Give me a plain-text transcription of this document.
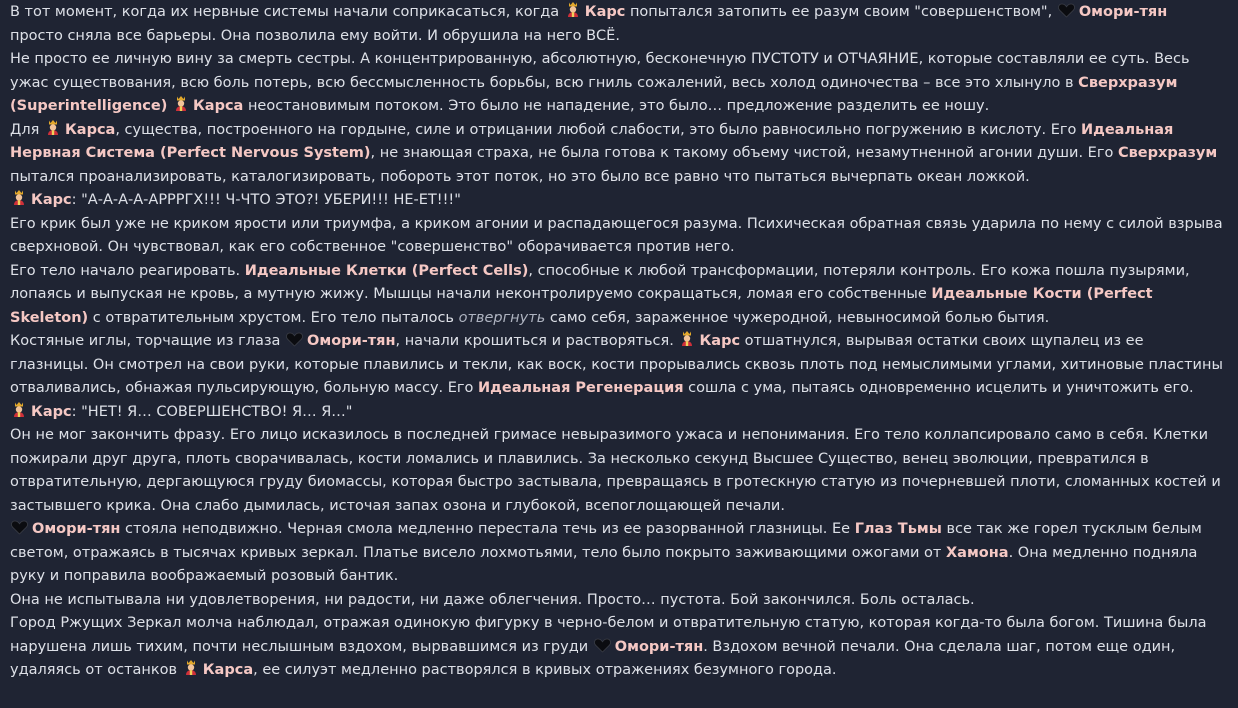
В тот момент, когда их нервные системы начали соприкасаться, когда
Карс попытался затопить ее разум своим "совершенством",
Омори-тян просто сняла все барьеры. Она позволила ему войти. И обрушила на него ВСЁ.
Не просто ее личную вину за смерть сестры. А концентрированную, абсолютную, бесконечную ПУСТОТУ и ОТЧАЯНИЕ, которые составляли ее суть. Весь ужас существования, всю боль потерь, всю бессмысленность борьбы, всю гниль сожалений, весь холод одиночества – все это хлынуло в Сверхразум (Superintelligence) Карса неостановимым потоком. Это было не нападение, это было… предложение разделить ее ношу.
Для
Карса, существа, построенного на гордыне, силе и отрицании любой слабости, это было равносильно погружению в кислоту. Его Идеальная Нервная Система (Perfect Nervous System), не знающая страха, не была готова к такому объему чистой, незамутненной агонии души. Его Сверхразум пытался проанализировать, каталогизировать, побороть этот поток, но это было все равно что пытаться вычерпать океан ложкой.
Карс: "А-А-А-А-АРРРГХ!!! Ч-ЧТО ЭТО?! УБЕРИ!!! НЕ-ЕТ!!!"
Его крик был уже не криком ярости или триумфа, а криком агонии и распадающегося разума. Психическая обратная связь ударила по нему с силой взрыва сверхновой. Он чувствовал, как его собственное "совершенство" оборачивается против него.
Его тело начало реагировать. Идеальные Клетки (Perfect Cells), способные к любой трансформации, потеряли контроль. Его кожа пошла пузырями, лопаясь и выпуская не кровь, а мутную жижу. Мышцы начали неконтролируемо сокращаться, ломая его собственные Идеальные Кости (Perfect Skeleton) с отвратительным хрустом. Его тело пыталось отвергнуть само себя, зараженное чужеродной, невыносимой болью бытия.
Костяные иглы, торчащие из глаза
Омори-тян, начали крошиться и растворяться.
Карс отшатнулся, вырывая остатки своих щупалец из ее глазницы. Он смотрел на свои руки, которые плавились и текли, как воск, кости прорывались сквозь плоть под немыслимыми углами, хитиновые пластины отваливались, обнажая пульсирующую, больную массу. Его Идеальная Регенерация сошла с ума, пытаясь одновременно исцелить и уничтожить его.
Карс: "НЕТ! Я… СОВЕРШЕНСТВО! Я… Я…"
Он не мог закончить фразу. Его лицо исказилось в последней гримасе невыразимого ужаса и непонимания. Его тело коллапсировало само в себя. Клетки пожирали друг друга, плоть сворачивалась, кости ломались и плавились. За несколько секунд Высшее Существо, венец эволюции, превратился в отвратительную, дергающуюся груду биомассы, которая быстро застывала, превращаясь в гротескную статую из почерневшей плоти, сломанных костей и застывшего крика. Она слабо дымилась, источая запах озона и глубокой, всепоглощающей печали.
Омори-тян стояла неподвижно. Черная смола медленно перестала течь из ее разорванной глазницы. Ее Глаз Тьмы все так же горел тусклым белым светом, отражаясь в тысячах кривых зеркал. Платье висело лохмотьями, тело было покрыто заживающими ожогами от Хамона. Она медленно подняла руку и поправила воображаемый розовый бантик.
Она не испытывала ни удовлетворения, ни радости, ни даже облегчения. Просто… пустота. Бой закончился. Боль осталась.
Город Ржущих Зеркал молча наблюдал, отражая одинокую фигурку в черно-белом и отвратительную статую, которая когда-то была богом. Тишина была нарушена лишь тихим, почти неслышным вздохом, вырвавшимся из груди
Омори-тян. Вздохом вечной печали. Она сделала шаг, потом еще один, удаляясь от останков
Карса, ее силуэт медленно растворялся в кривых отражениях безумного города.
